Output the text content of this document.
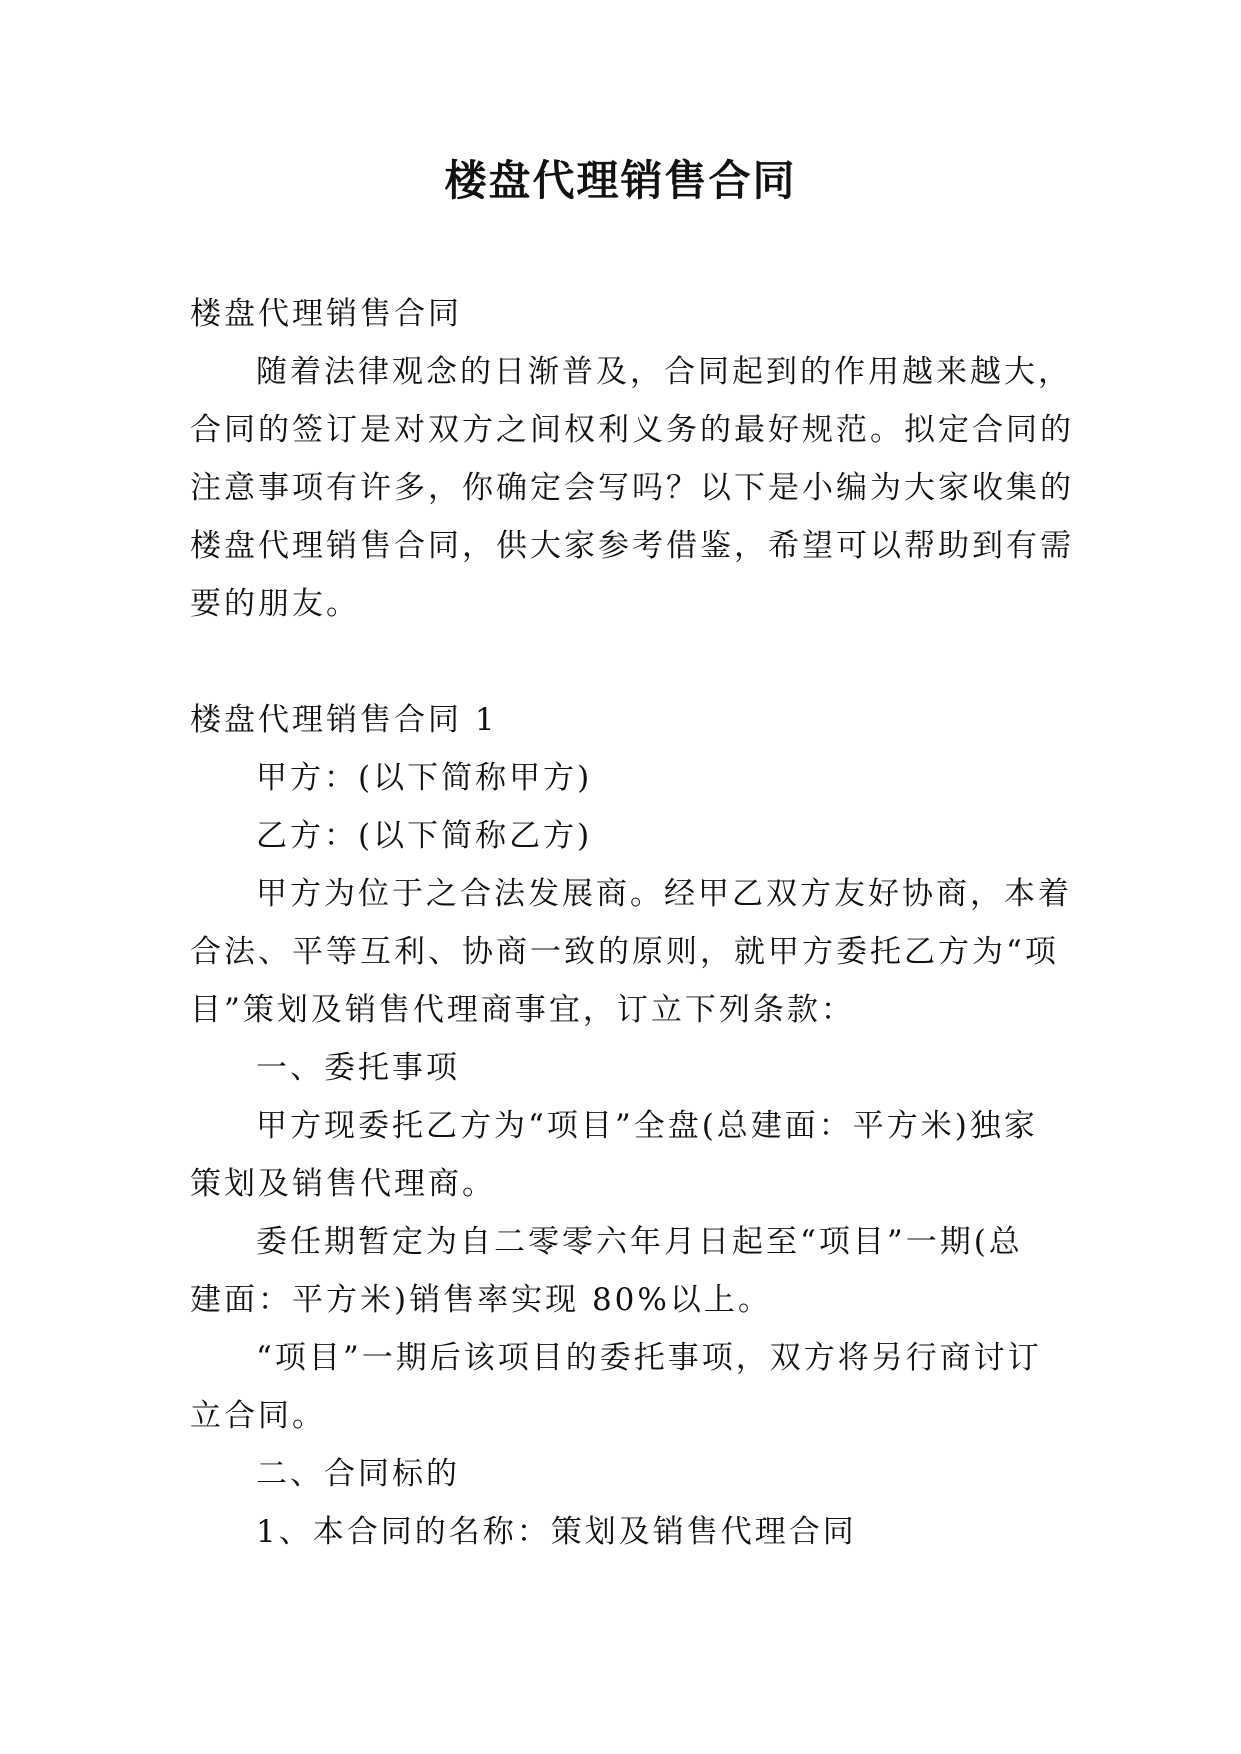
楼盘代理销售合同
楼盘代理销售合同
随着法律观念的日渐普及，合同起到的作用越来越大，
合同的签订是对双方之间权利义务的最好规范。拟定合同的
注意事项有许多，你确定会写吗？以下是小编为大家收集的
楼盘代理销售合同，供大家参考借鉴，希望可以帮助到有需
要的朋友。
楼盘代理销售合同 1
甲方：(以下简称甲方)
乙方：(以下简称乙方)
甲方为位于之合法发展商。经甲乙双方友好协商，本着
合法、平等互利、协商一致的原则，就甲方委托乙方为“项
目”策划及销售代理商事宜，订立下列条款：
一、委托事项
甲方现委托乙方为“项目”全盘(总建面：平方米)独家
策划及销售代理商。
委任期暂定为自二零零六年月日起至“项目”一期(总
建面：平方米)销售率实现 80%以上。
“项目”一期后该项目的委托事项，双方将另行商讨订
立合同。
二、合同标的
1、本合同的名称：策划及销售代理合同
